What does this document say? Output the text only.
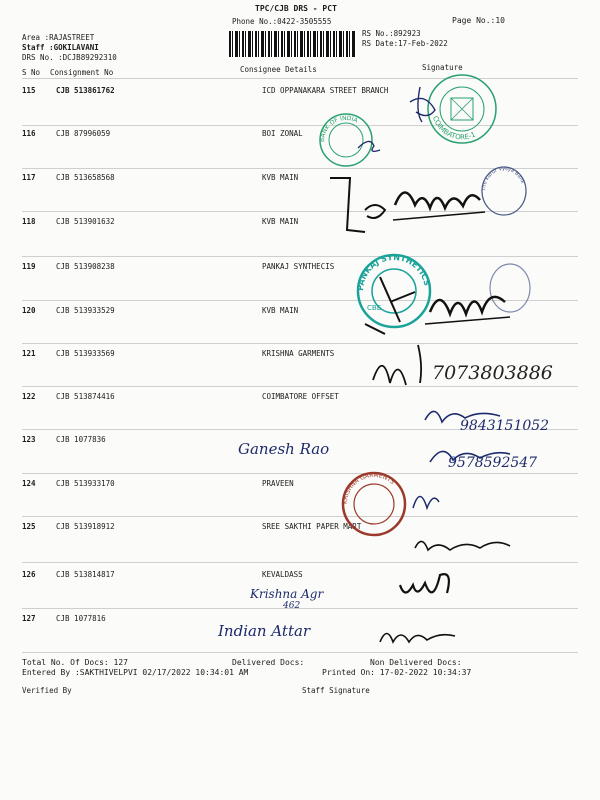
TPC/CJB DRS - PCT
Phone No.:0422-3505555	Page No.:10
Area :RAJASTREET
Staff :GOKILAVANI
DRS No. :DCJB89292310
RS No.:892923
RS Date:17-Feb-2022
S No Consignment No	Consignee Details	Signature
115	CJB 513861762	ICD OPPANAKARA STREET BRANCH
116	CJB 87996059	BOI ZONAL
117	CJB 513658568	KVB MAIN
118	CJB 513901632	KVB MAIN
119	CJB 513908238	PANKAJ SYNTHECIS
120	CJB 513933529	KVB MAIN
121	CJB 513933569	KRISHNA GARMENTS
122	CJB 513874416	COIMBATORE OFFSET
123	CJB 1077836
124	CJB 513933170	PRAVEEN
125	CJB 513918912	SREE SAKTHI PAPER MART
126	CJB 513814817	KEVALDASS
127	CJB 1077816
BANK OF INDIA	COIMBATORE-1
The Karur Vysya Bank
PANKAJ SYNTHETICS
CBE
KRISHNA GARMENTS
7073803886
9843151052
9578592547
Ganesh Rao
Krishna Agr
462
Indian Attar
Total No. Of Docs: 127	Delivered Docs:	Non Delivered Docs:
Entered By :SAKTHIVELPVI 02/17/2022 10:34:01 AM	Printed On: 17-02-2022 10:34:37
Verified By	Staff Signature
